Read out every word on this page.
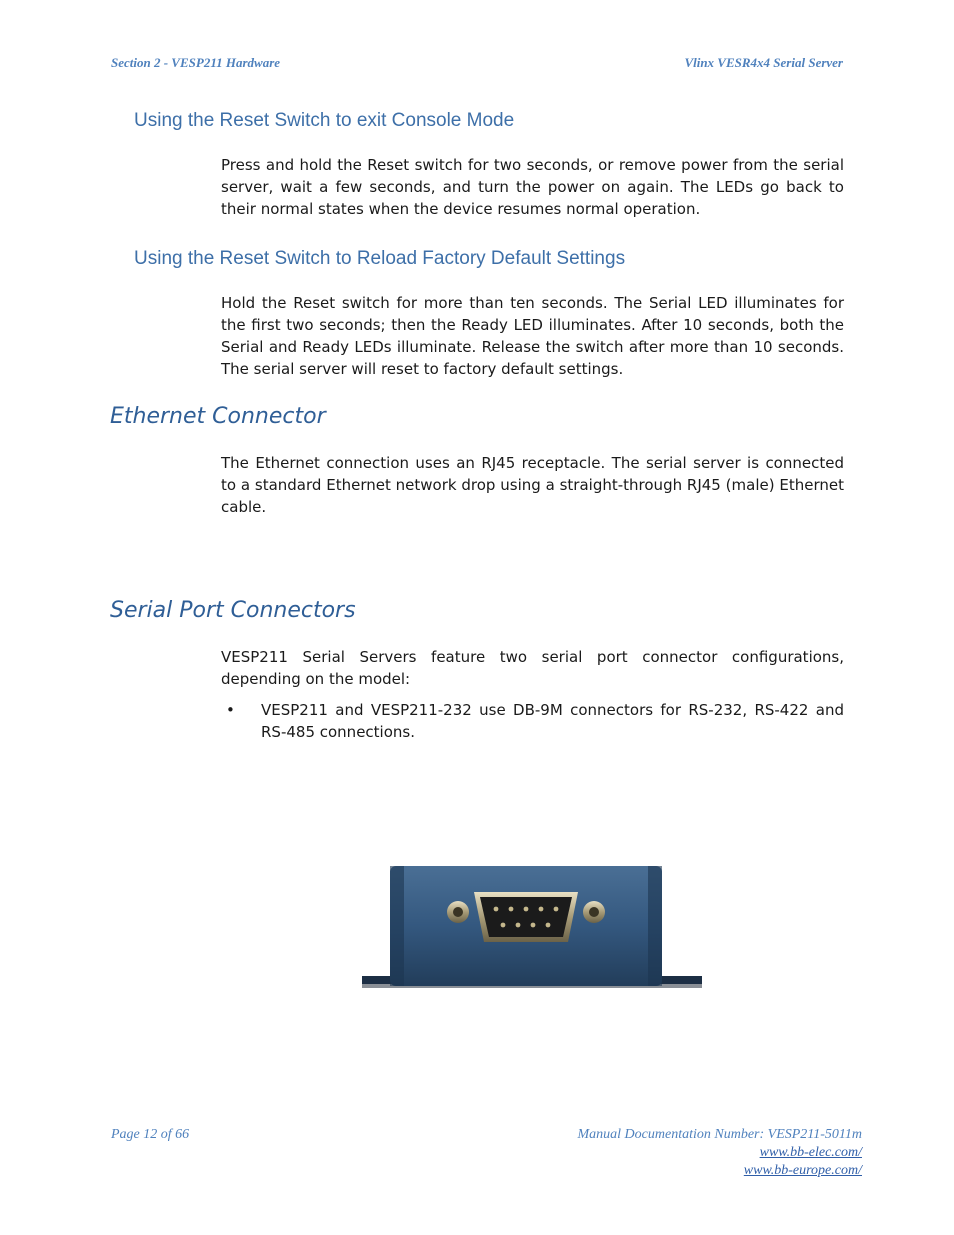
Section 2 - VESP211 Hardware	Vlinx VESR4x4 Serial Server
Using the Reset Switch to exit Console Mode

Press and hold the Reset switch for two seconds, or remove power from the serial server, wait a few seconds, and turn the power on again. The LEDs go back to their normal states when the device resumes normal operation.

Using the Reset Switch to Reload Factory Default Settings

Hold the Reset switch for more than ten seconds. The Serial LED illuminates for the first two seconds; then the Ready LED illuminates. After 10 seconds, both the Serial and Ready LEDs illuminate. Release the switch after more than 10 seconds. The serial server will reset to factory default settings.

Ethernet Connector

The Ethernet connection uses an RJ45 receptacle. The serial server is connected to a standard Ethernet network drop using a straight-through RJ45 (male) Ethernet cable.

Serial Port Connectors

VESP211 Serial Servers feature two serial port connector configurations, depending on the model:

• VESP211 and VESP211-232 use DB-9M connectors for RS-232, RS-422 and RS-485 connections.

Page 12 of 66	Manual Documentation Number: VESP211-5011m
www.bb-elec.com/
www.bb-europe.com/
